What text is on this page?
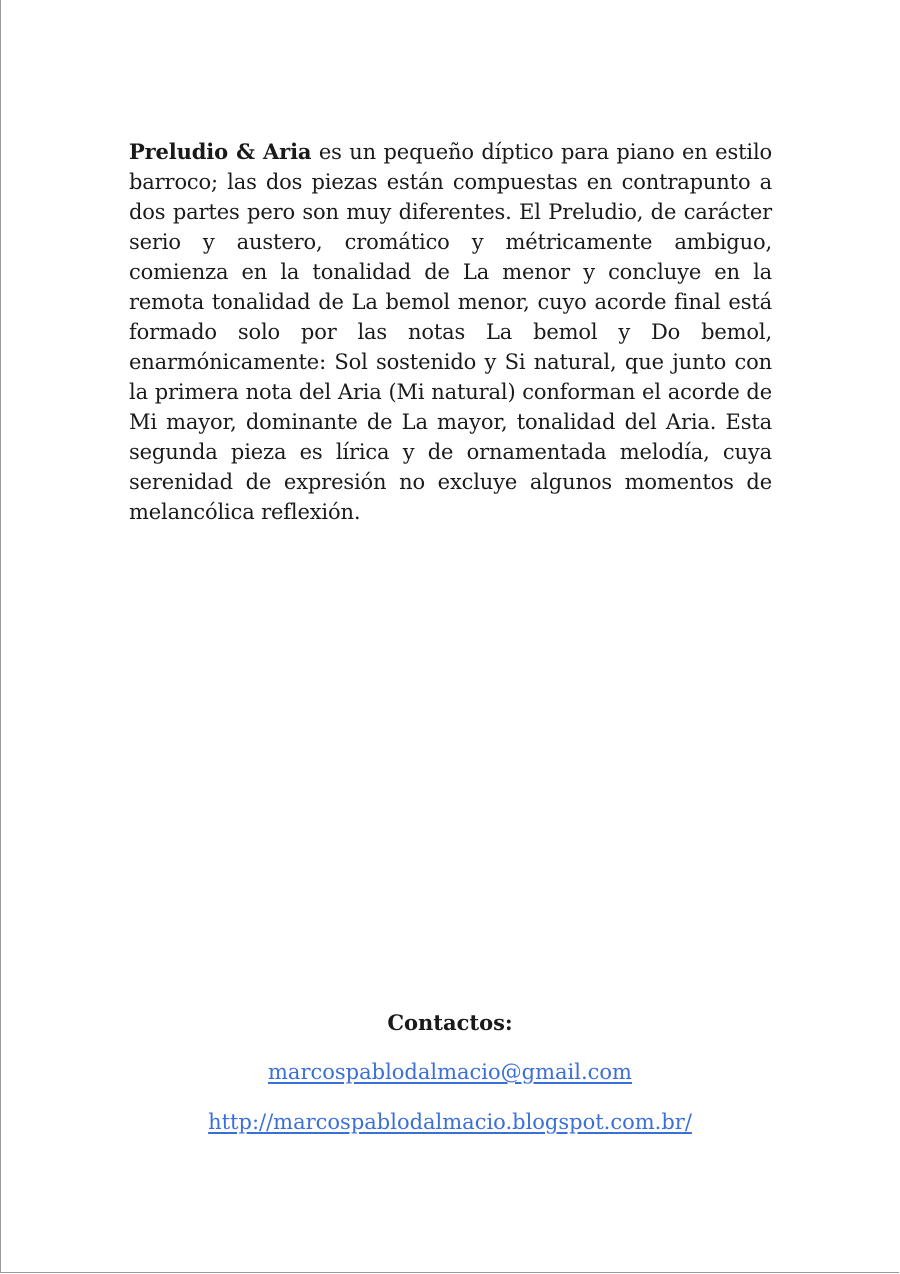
Preludio & Aria es un pequeño díptico para piano en estilo barroco; las dos piezas están compuestas en contrapunto a dos partes pero son muy diferentes. El Preludio, de carácter serio y austero, cromático y métricamente ambiguo, comienza en la tonalidad de La menor y concluye en la remota tonalidad de La bemol menor, cuyo acorde final está formado solo por las notas La bemol y Do bemol, enarmónicamente: Sol sostenido y Si natural, que junto con la primera nota del Aria (Mi natural) conforman el acorde de Mi mayor, dominante de La mayor, tonalidad del Aria. Esta segunda pieza es lírica y de ornamentada melodía, cuya serenidad de expresión no excluye algunos momentos de melancólica reflexión.

Contactos:

marcospablodalmacio@gmail.com
http://marcospablodalmacio.blogspot.com.br/
